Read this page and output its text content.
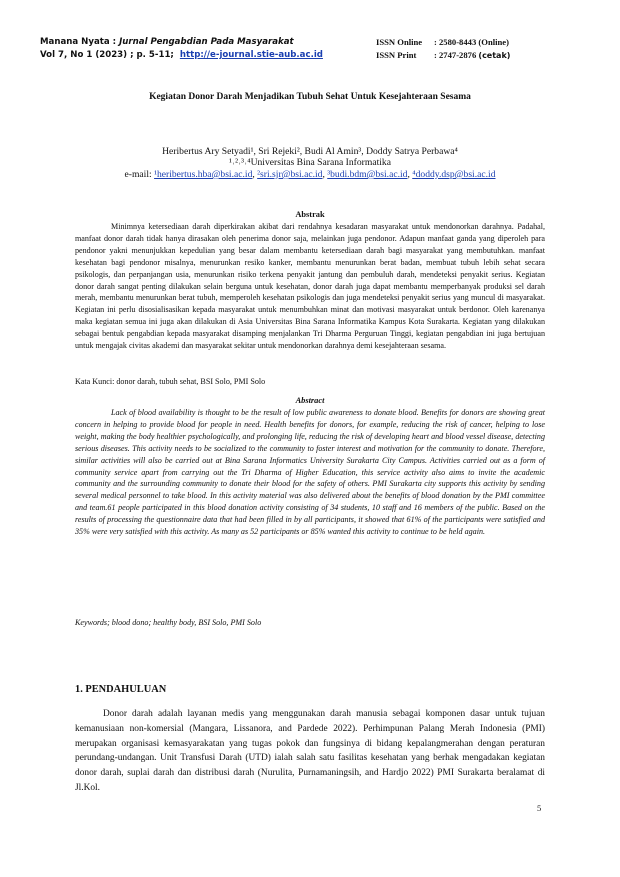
Manana Nyata : Jurnal Pengabdian Pada Masyarakat
Vol 7, No 1 (2023) ; p. 5-11; http://e-journal.stie-aub.ac.id
ISSN Online : 2580-8443 (Online)
ISSN Print : 2747-2876 (cetak)
Kegiatan Donor Darah Menjadikan Tubuh Sehat Untuk Kesejahteraan Sesama
Heribertus Ary Setyadi¹, Sri Rejeki², Budi Al Amin³, Doddy Satrya Perbawa⁴
¹˒²˒³˒⁴Universitas Bina Sarana Informatika
e-mail: ¹heribertus.hba@bsi.ac.id, ²sri.sjr@bsi.ac.id, ³budi.bdm@bsi.ac.id, ⁴doddy.dsp@bsi.ac.id
Abstrak
Minimnya ketersediaan darah diperkirakan akibat dari rendahnya kesadaran masyarakat untuk mendonorkan darahnya. Padahal, manfaat donor darah tidak hanya dirasakan oleh penerima donor saja, melainkan juga pendonor. Adapun manfaat ganda yang diperoleh para pendonor yakni menunjukkan kepedulian yang besar dalam membantu ketersediaan darah bagi masyarakat yang membutuhkan. manfaat kesehatan bagi pendonor misalnya, menurunkan resiko kanker, membantu menurunkan berat badan, membuat tubuh lebih sehat secara psikologis, dan perpanjangan usia, menurunkan risiko terkena penyakit jantung dan pembuluh darah, mendeteksi penyakit serius. Kegiatan donor darah sangat penting dilakukan selain berguna untuk kesehatan, donor darah juga dapat membantu memperbanyak produksi sel darah merah, membantu menurunkan berat tubuh, memperoleh kesehatan psikologis dan juga mendeteksi penyakit serius yang muncul di masyarakat. Kegiatan ini perlu disosialisasikan kepada masyarakat untuk menumbuhkan minat dan motivasi masyarakat untuk berdonor. Oleh karenanya maka kegiatan semua ini juga akan dilakukan di Asia Universitas Bina Sarana Informatika Kampus Kota Surakarta. Kegiatan yang dilakukan sebagai bentuk pengabdian kepada masyarakat disamping menjalankan Tri Dharma Perguruan Tinggi, kegiatan pengabdian ini juga bertujuan untuk mengajak civitas akademi dan masyarakat sekitar untuk mendonorkan darahnya demi kesejahteraan sesama.
Kata Kunci: donor darah, tubuh sehat, BSI Solo, PMI Solo
Abstract
Lack of blood availability is thought to be the result of low public awareness to donate blood. Benefits for donors are showing great concern in helping to provide blood for people in need. Health benefits for donors, for example, reducing the risk of cancer, helping to lose weight, making the body healthier psychologically, and prolonging life, reducing the risk of developing heart and blood vessel disease, detecting serious diseases. This activity needs to be socialized to the community to foster interest and motivation for the community to donate. Therefore, similar activities will also be carried out at Bina Sarana Informatics University Surakarta City Campus. Activities carried out as a form of community service apart from carrying out the Tri Dharma of Higher Education, this service activity also aims to invite the academic community and the surrounding community to donate their blood for the safety of others. PMI Surakarta city supports this activity by sending several medical personnel to take blood. In this activity material was also delivered about the benefits of blood donation by the PMI committee and team.61 people participated in this blood donation activity consisting of 34 students, 10 staff and 16 members of the public. Based on the results of processing the questionnaire data that had been filled in by all participants, it showed that 61% of the participants were satisfied and 35% were very satisfied with this activity. As many as 52 participants or 85% wanted this activity to continue to be held again.
Keywords; blood dono; healthy body, BSI Solo, PMI Solo
1. PENDAHULUAN
Donor darah adalah layanan medis yang menggunakan darah manusia sebagai komponen dasar untuk tujuan kemanusiaan non-komersial (Mangara, Lissanora, and Pardede 2022). Perhimpunan Palang Merah Indonesia (PMI) merupakan organisasi kemasyarakatan yang tugas pokok dan fungsinya di bidang kepalangmerahan dengan peraturan perundang-undangan. Unit Transfusi Darah (UTD) ialah salah satu fasilitas kesehatan yang berhak mengadakan kegiatan donor darah, suplai darah dan distribusi darah (Nurulita, Purnamaningsih, and Hardjo 2022) PMI Surakarta beralamat di Jl.Kol.
5
